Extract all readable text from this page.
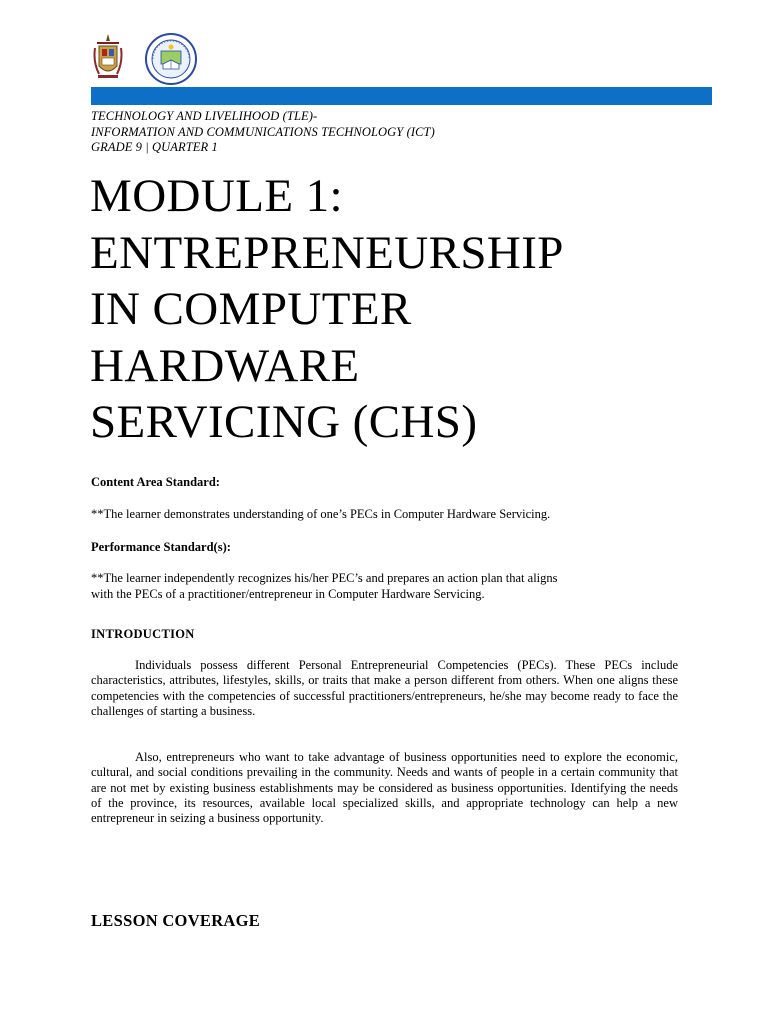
TECHNOLOGY AND LIVELIHOOD (TLE)-
INFORMATION AND COMMUNICATIONS TECHNOLOGY (ICT)
GRADE 9 | QUARTER 1
MODULE 1:
ENTREPRENEURSHIP
IN COMPUTER
HARDWARE
SERVICING (CHS)
Content Area Standard:
**The learner demonstrates understanding of one’s PECs in Computer Hardware Servicing.
Performance Standard(s):
**The learner independently recognizes his/her PEC’s and prepares an action plan that aligns
with the PECs of a practitioner/entrepreneur in Computer Hardware Servicing.
INTRODUCTION
Individuals possess different Personal Entrepreneurial Competencies (PECs). These PECs include characteristics, attributes, lifestyles, skills, or traits that make a person different from others. When one aligns these competencies with the competencies of successful practitioners/entrepreneurs, he/she may become ready to face the challenges of starting a business.
Also, entrepreneurs who want to take advantage of business opportunities need to explore the economic, cultural, and social conditions prevailing in the community. Needs and wants of people in a certain community that are not met by existing business establishments may be considered as business opportunities. Identifying the needs of the province, its resources, available local specialized skills, and appropriate technology can help a new entrepreneur in seizing a business opportunity.
LESSON COVERAGE
